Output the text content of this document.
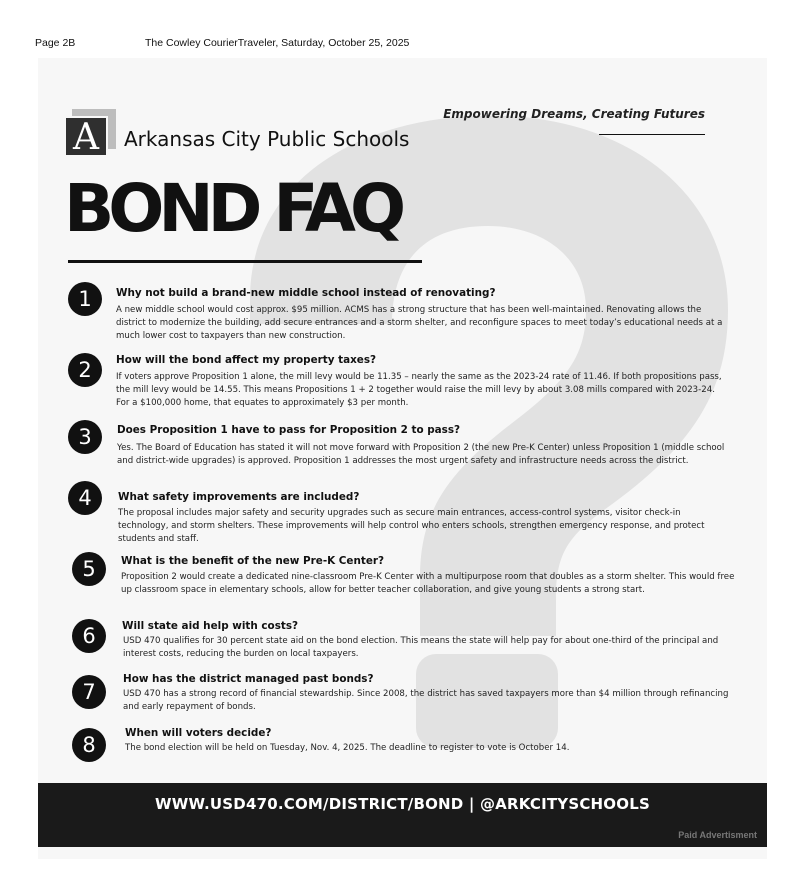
Page 2B	The Cowley CourierTraveler, Saturday, October 25, 2025
Empowering Dreams, Creating Futures
A Arkansas City Public Schools
BOND FAQ
1	Why not build a brand-new middle school instead of renovating?
A new middle school would cost approx. $95 million. ACMS has a strong structure that has been well-maintained. Renovating allows the district to modernize the building, add secure entrances and a storm shelter, and reconfigure spaces to meet today’s educational needs at a much lower cost to taxpayers than new construction.
2	How will the bond affect my property taxes?
If voters approve Proposition 1 alone, the mill levy would be 11.35 – nearly the same as the 2023-24 rate of 11.46. If both propositions pass, the mill levy would be 14.55. This means Propositions 1 + 2 together would raise the mill levy by about 3.08 mills compared with 2023-24. For a $100,000 home, that equates to approximately $3 per month.
3	Does Proposition 1 have to pass for Proposition 2 to pass?
Yes. The Board of Education has stated it will not move forward with Proposition 2 (the new Pre-K Center) unless Proposition 1 (middle school and district-wide upgrades) is approved. Proposition 1 addresses the most urgent safety and infrastructure needs across the district.
4	What safety improvements are included?
The proposal includes major safety and security upgrades such as secure main entrances, access-control systems, visitor check-in technology, and storm shelters. These improvements will help control who enters schools, strengthen emergency response, and protect students and staff.
5	What is the benefit of the new Pre-K Center?
Proposition 2 would create a dedicated nine-classroom Pre-K Center with a multipurpose room that doubles as a storm shelter. This would free up classroom space in elementary schools, allow for better teacher collaboration, and give young students a strong start.
6	Will state aid help with costs?
USD 470 qualifies for 30 percent state aid on the bond election. This means the state will help pay for about one-third of the principal and interest costs, reducing the burden on local taxpayers.
7
How has the district managed past bonds?
USD 470 has a strong record of financial stewardship. Since 2008, the district has saved taxpayers more than $4 million through refinancing and early repayment of bonds.
8	When will voters decide?
The bond election will be held on Tuesday, Nov. 4, 2025. The deadline to register to vote is October 14.
WWW.USD470.COM/DISTRICT/BOND | @ARKCITYSCHOOLS
Paid Advertisment
